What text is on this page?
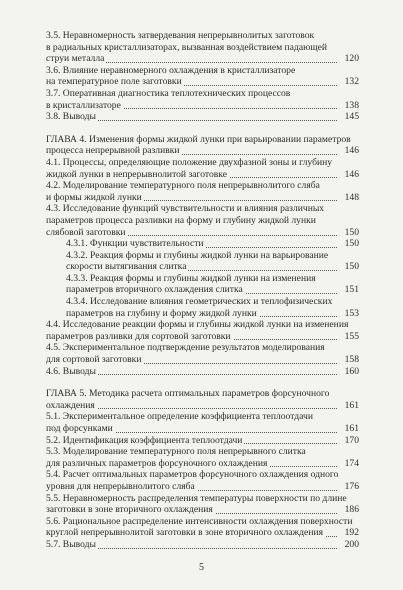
3.5. Неравномерность затвердевания непрерывнолитых заготовок
в радиальных кристаллизаторах, вызванная воздействием падающей
струи металла	120
3.6. Влияние неравномерного охлаждения в кристаллизаторе
на температурное поле заготовки	132
3.7. Оперативная диагностика теплотехнических процессов
в кристаллизаторе	138
3.8. Выводы	145
ГЛАВА 4. Изменения формы жидкой лунки при варьировании параметров
процесса непрерывной разливки	146
4.1. Процессы, определяющие положение двухфазной зоны и глубину
жидкой лунки в непрерывнолитой заготовке	146
4.2. Моделирование температурного поля непрерывнолитого сляба
и формы жидкой лунки	148
4.3. Исследование функций чувствительности и влияния различных
параметров процесса разливки на форму и глубину жидкой лунки
слябовой заготовки	150
4.3.1. Функции чувствительности	150
4.3.2. Реакция формы и глубины жидкой лунки на варьирование
скорости вытягивания слитка	150
4.3.3. Реакция формы и глубины жидкой лунки на изменения
параметров вторичного охлаждения слитка	151
4.3.4. Исследование влияния геометрических и теплофизических
параметров на глубину и форму жидкой лунки	153
4.4. Исследование реакции формы и глубины жидкой лунки на изменения
параметров разливки для сортовой заготовки	155
4.5. Экспериментальное подтверждение результатов моделирования
для сортовой заготовки	158
4.6. Выводы	160
ГЛАВА 5. Методика расчета оптимальных параметров форсуночного
охлаждения	161
5.1. Экспериментальное определение коэффициента теплоотдачи
под форсунками	161
5.2. Идентификация коэффициента теплоотдачи	170
5.3. Моделирование температурного поля непрерывного слитка
для различных параметров форсуночного охлаждения	174
5.4. Расчет оптимальных параметров форсуночного охлаждения одного
уровня для непрерывнолитого сляба	176
5.5. Неравномерность распределения температуры поверхности по длине
заготовки в зоне вторичного охлаждения	186
5.6. Рациональное распределение интенсивности охлаждения поверхности
круглой непрерывнолитой заготовки в зоне вторичного охлаждения	192
5.7. Выводы	200
5
